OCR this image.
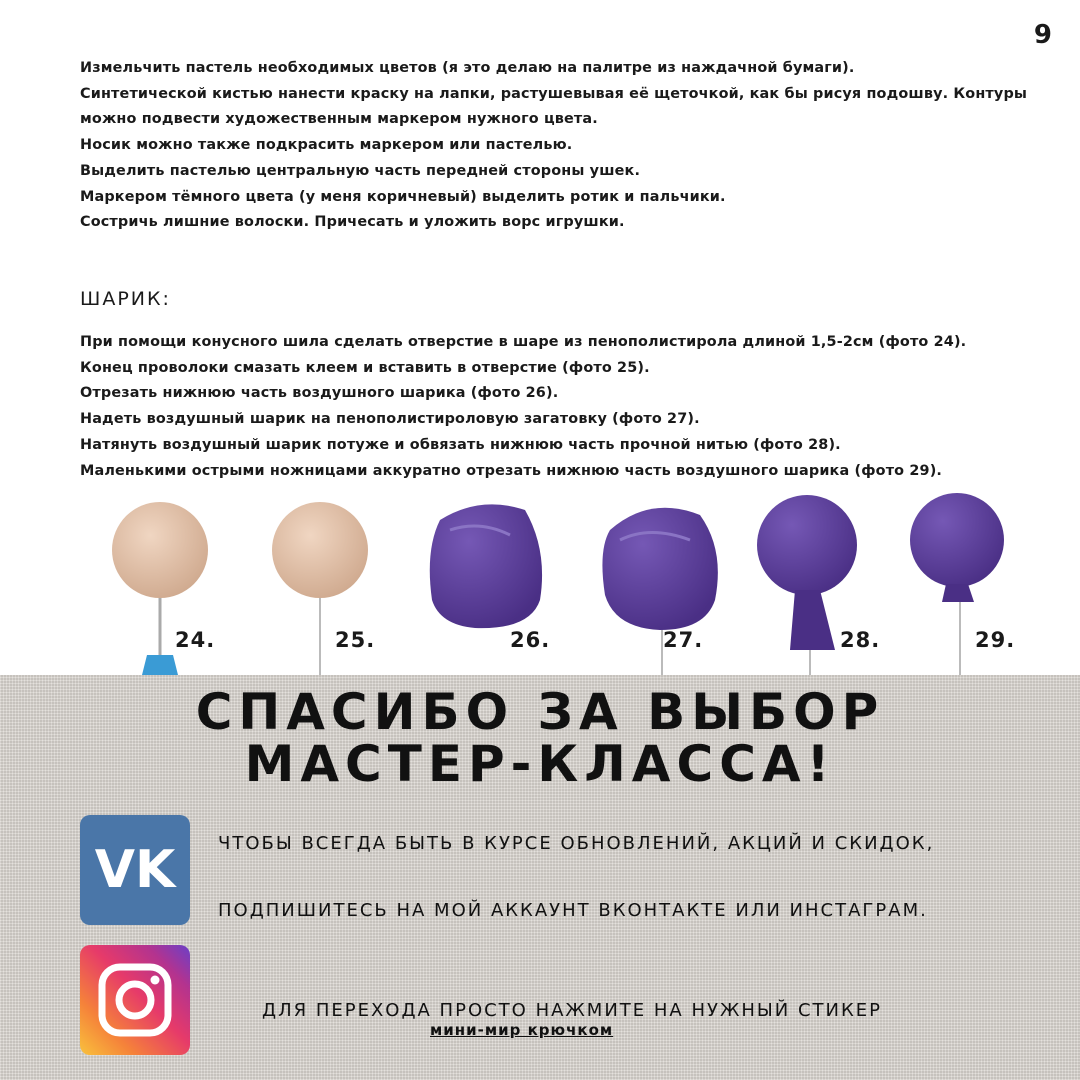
9
Измельчить пастель необходимых цветов (я это делаю на палитре из наждачной бумаги).
Синтетической кистью нанести краску на лапки, растушевывая её щеточкой, как бы рисуя подошву. Контуры
можно подвести художественным маркером нужного цвета.
Носик можно также подкрасить маркером или пастелью.
Выделить пастелью центральную часть передней стороны ушек.
Маркером тёмного цвета (у меня коричневый) выделить ротик и пальчики.
Состричь лишние волоски. Причесать и уложить ворс игрушки.
ШАРИК:
При помощи конусного шила сделать отверстие в шаре из пенополистирола длиной 1,5-2см (фото 24).
Конец проволоки смазать клеем и вставить в отверстие (фото 25).
Отрезать нижнюю часть воздушного шарика (фото 26).
Надеть воздушный шарик на пенополистироловую загатовку (фото 27).
Натянуть воздушный шарик потуже и обвязать нижнюю часть прочной нитью (фото 28).
Маленькими острыми ножницами аккуратно отрезать нижнюю часть воздушного шарика (фото 29).
24.	25.	26.	27.	28.	29.
СПАСИБО ЗА ВЫБОР
МАСТЕР-КЛАССА!
VK ЧТОБЫ ВСЕГДА БЫТЬ В КУРСЕ ОБНОВЛЕНИЙ, АКЦИЙ И СКИДОК,
ПОДПИШИТЕСЬ НА МОЙ АККАУНТ ВКОНТАКТЕ ИЛИ ИНСТАГРАМ.
ДЛЯ ПЕРЕХОДА ПРОСТО НАЖМИТЕ НА НУЖНЫЙ СТИКЕР
мини-мир крючком
